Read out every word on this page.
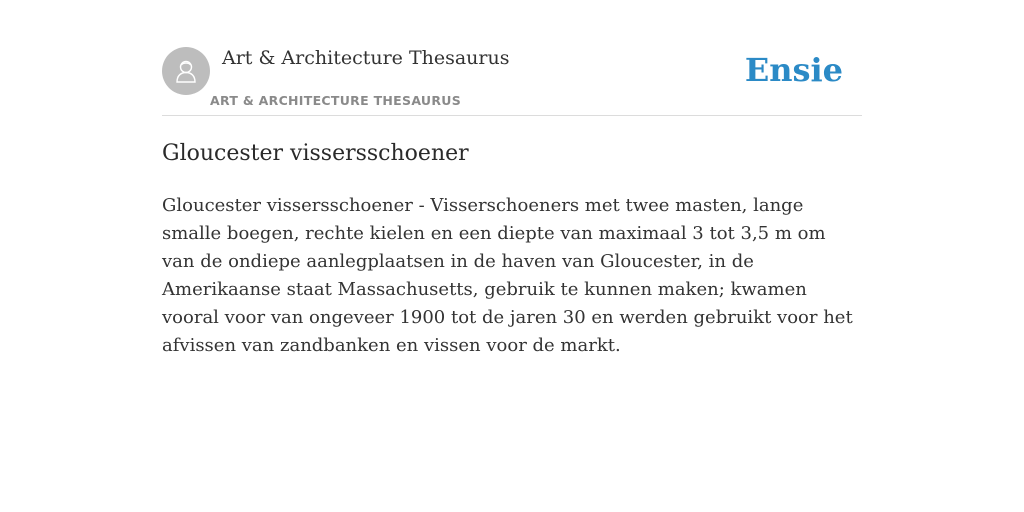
Art & Architecture Thesaurus
ART & ARCHITECTURE THESAURUS
Ensie
Gloucester vissersschoener

Gloucester vissersschoener - Visserschoeners met twee masten, lange smalle boegen, rechte kielen en een diepte van maximaal 3 tot 3,5 m om van de ondiepe aanlegplaatsen in de haven van Gloucester, in de Amerikaanse staat Massachusetts, gebruik te kunnen maken; kwamen vooral voor van ongeveer 1900 tot de jaren 30 en werden gebruikt voor het afvissen van zandbanken en vissen voor de markt.
